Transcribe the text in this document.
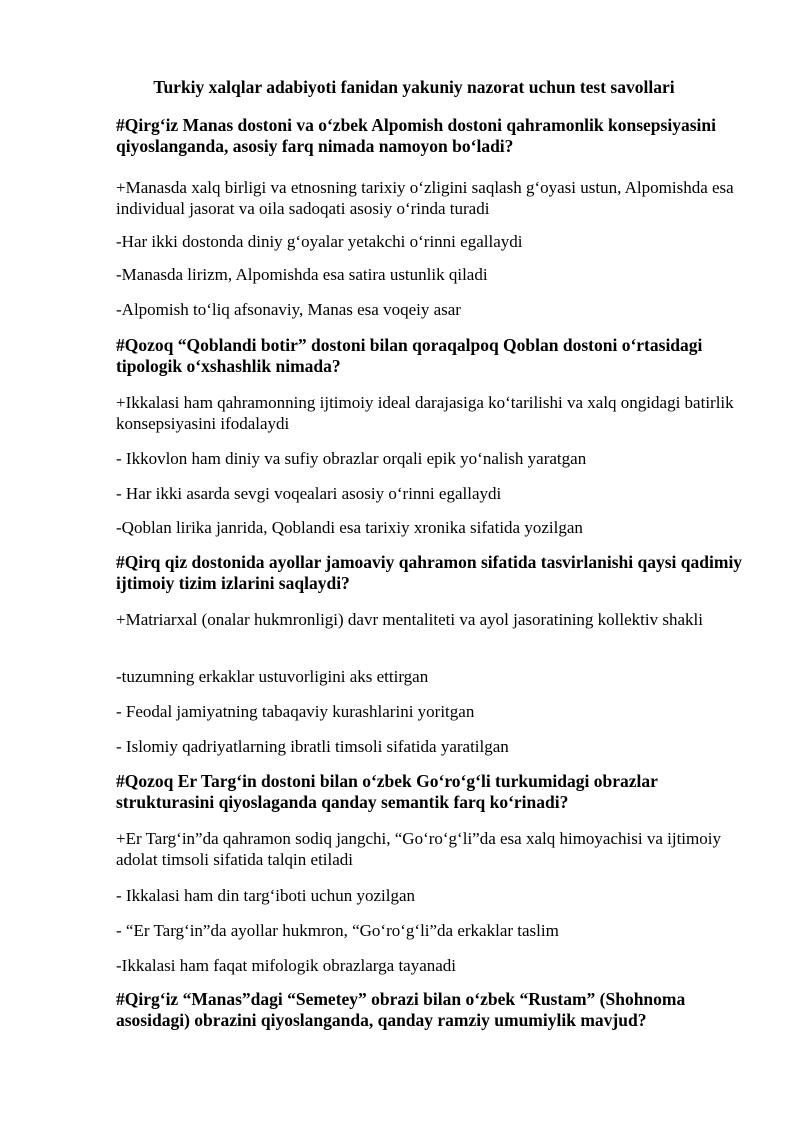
Turkiy xalqlar adabiyoti fanidan yakuniy nazorat uchun test savollari

#Qirg‘iz Manas dostoni va o‘zbek Alpomish dostoni qahramonlik konsepsiyasini qiyoslanganda, asosiy farq nimada namoyon bo‘ladi?

+Manasda xalq birligi va etnosning tarixiy o‘zligini saqlash g‘oyasi ustun, Alpomishda esa individual jasorat va oila sadoqati asosiy o‘rinda turadi

-Har ikki dostonda diniy g‘oyalar yetakchi o‘rinni egallaydi

-Manasda lirizm, Alpomishda esa satira ustunlik qiladi

-Alpomish to‘liq afsonaviy, Manas esa voqeiy asar

#Qozoq “Qoblandi botir” dostoni bilan qoraqalpoq Qoblan dostoni o‘rtasidagi tipologik o‘xshashlik nimada?

+Ikkalasi ham qahramonning ijtimoiy ideal darajasiga ko‘tarilishi va xalq ongidagi batirlik konsepsiyasini ifodalaydi

- Ikkovlon ham diniy va sufiy obrazlar orqali epik yo‘nalish yaratgan

- Har ikki asarda sevgi voqealari asosiy o‘rinni egallaydi

-Qoblan lirika janrida, Qoblandi esa tarixiy xronika sifatida yozilgan

#Qirq qiz dostonida ayollar jamoaviy qahramon sifatida tasvirlanishi qaysi qadimiy ijtimoiy tizim izlarini saqlaydi?

+Matriarxal (onalar hukmronligi) davr mentaliteti va ayol jasoratining kollektiv shakli

-tuzumning erkaklar ustuvorligini aks ettirgan

- Feodal jamiyatning tabaqaviy kurashlarini yoritgan

- Islomiy qadriyatlarning ibratli timsoli sifatida yaratilgan

#Qozoq Er Targ‘in dostoni bilan o‘zbek Go‘ro‘g‘li turkumidagi obrazlar strukturasini qiyoslaganda qanday semantik farq ko‘rinadi?

+Er Targ‘in”da qahramon sodiq jangchi, “Go‘ro‘g‘li”da esa xalq himoyachisi va ijtimoiy adolat timsoli sifatida talqin etiladi

- Ikkalasi ham din targ‘iboti uchun yozilgan

- “Er Targ‘in”da ayollar hukmron, “Go‘ro‘g‘li”da erkaklar taslim

-Ikkalasi ham faqat mifologik obrazlarga tayanadi

#Qirg‘iz “Manas”dagi “Semetey” obrazi bilan o‘zbek “Rustam” (Shohnoma asosidagi) obrazini qiyoslanganda, qanday ramziy umumiylik mavjud?
